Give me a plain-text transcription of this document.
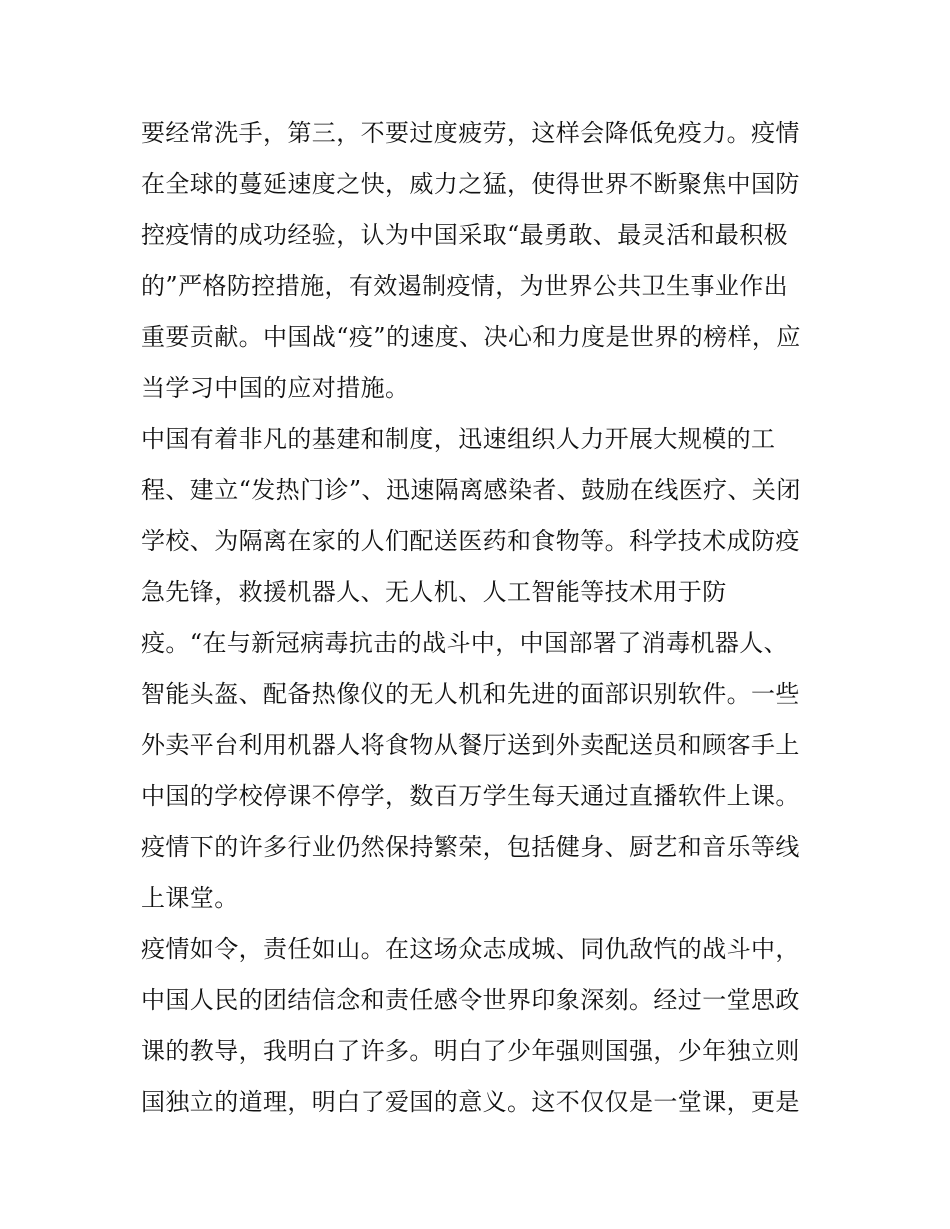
要经常洗手，第三，不要过度疲劳，这样会降低免疫力。疫情
在全球的蔓延速度之快，威力之猛，使得世界不断聚焦中国防
控疫情的成功经验，认为中国采取“最勇敢、最灵活和最积极
的”严格防控措施，有效遏制疫情，为世界公共卫生事业作出
重要贡献。中国战“疫”的速度、决心和力度是世界的榜样，应
当学习中国的应对措施。
中国有着非凡的基建和制度，迅速组织人力开展大规模的工
程、建立“发热门诊”、迅速隔离感染者、鼓励在线医疗、关闭
学校、为隔离在家的人们配送医药和食物等。科学技术成防疫
急先锋，救援机器人、无人机、人工智能等技术用于防
疫。“在与新冠病毒抗击的战斗中，中国部署了消毒机器人、
智能头盔、配备热像仪的无人机和先进的面部识别软件。一些
外卖平台利用机器人将食物从餐厅送到外卖配送员和顾客手上
中国的学校停课不停学，数百万学生每天通过直播软件上课。
疫情下的许多行业仍然保持繁荣，包括健身、厨艺和音乐等线
上课堂。
疫情如令，责任如山。在这场众志成城、同仇敌忾的战斗中，
中国人民的团结信念和责任感令世界印象深刻。经过一堂思政
课的教导，我明白了许多。明白了少年强则国强，少年独立则
国独立的道理，明白了爱国的意义。这不仅仅是一堂课，更是
